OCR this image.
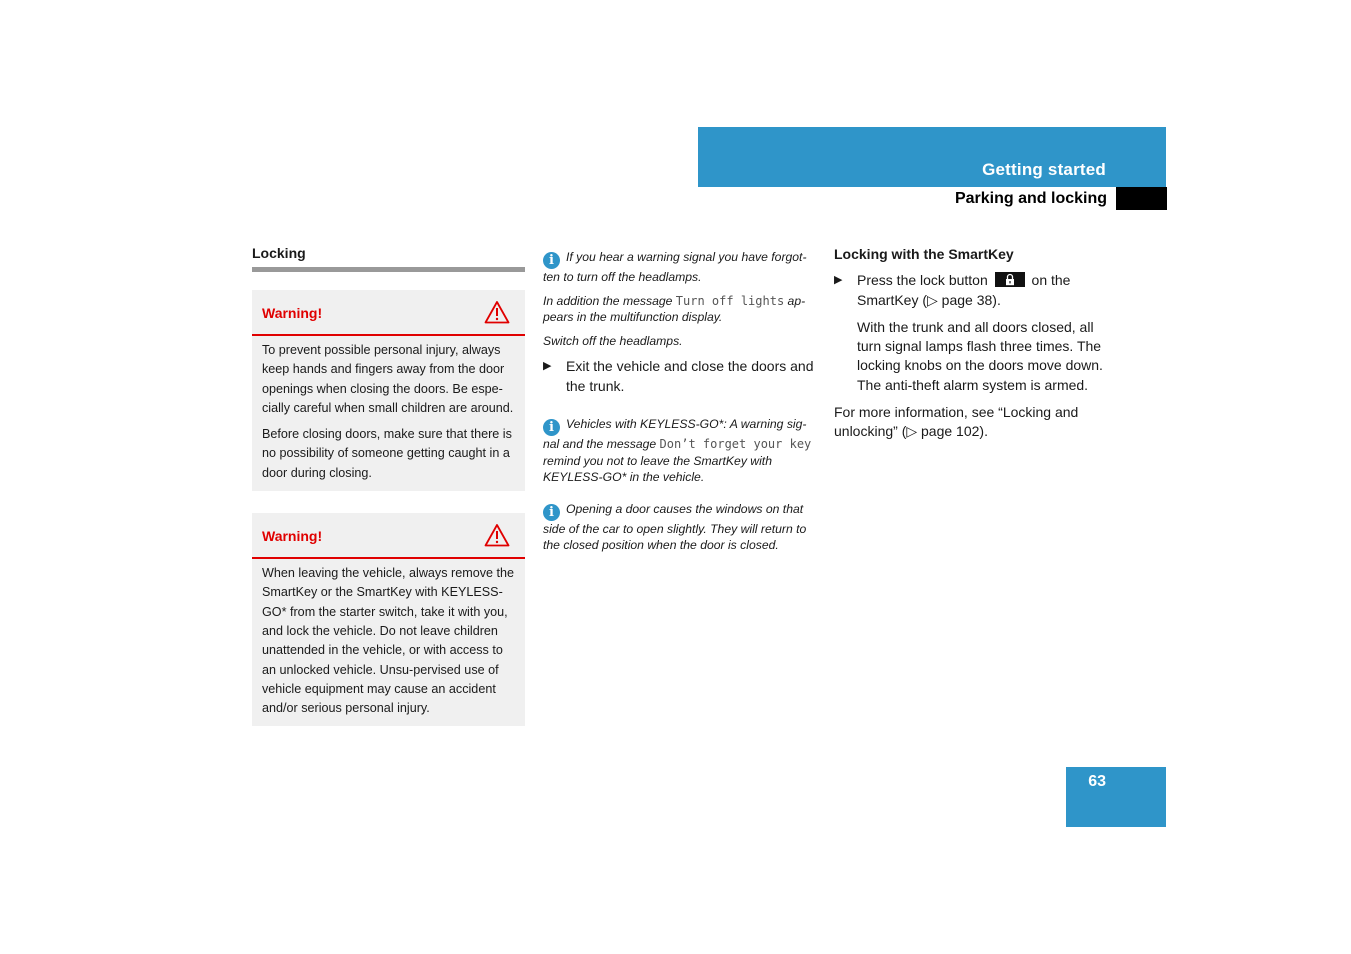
Getting started
Parking and locking
Locking
Warning!

To prevent possible personal injury, always keep hands and fingers away from the door openings when closing the doors. Be espe-cially careful when small children are around.

Before closing doors, make sure that there is no possibility of someone getting caught in a door during closing.

Warning!

When leaving the vehicle, always remove the SmartKey or the SmartKey with KEYLESS-GO* from the starter switch, take it with you, and lock the vehicle. Do not leave children unattended in the vehicle, or with access to an unlocked vehicle. Unsu-pervised use of vehicle equipment may cause an accident and/or serious personal injury.

i If you hear a warning signal you have forgot-ten to turn off the headlamps.

In addition the message Turn off lights ap-pears in the multifunction display.

Switch off the headlamps.

▶ Exit the vehicle and close the doors and the trunk.

i Vehicles with KEYLESS-GO*: A warning sig-nal and the message Don’t forget your key remind you not to leave the SmartKey with KEYLESS-GO* in the vehicle.

i Opening a door causes the windows on that side of the car to open slightly. They will return to the closed position when the door is closed.

Locking with the SmartKey
▶ Press the lock button	on the SmartKey (▷ page 38).
With the trunk and all doors closed, all turn signal lamps flash three times. The locking knobs on the doors move down. The anti-theft alarm system is armed.

For more information, see “Locking and unlocking” (▷ page 102).

63
